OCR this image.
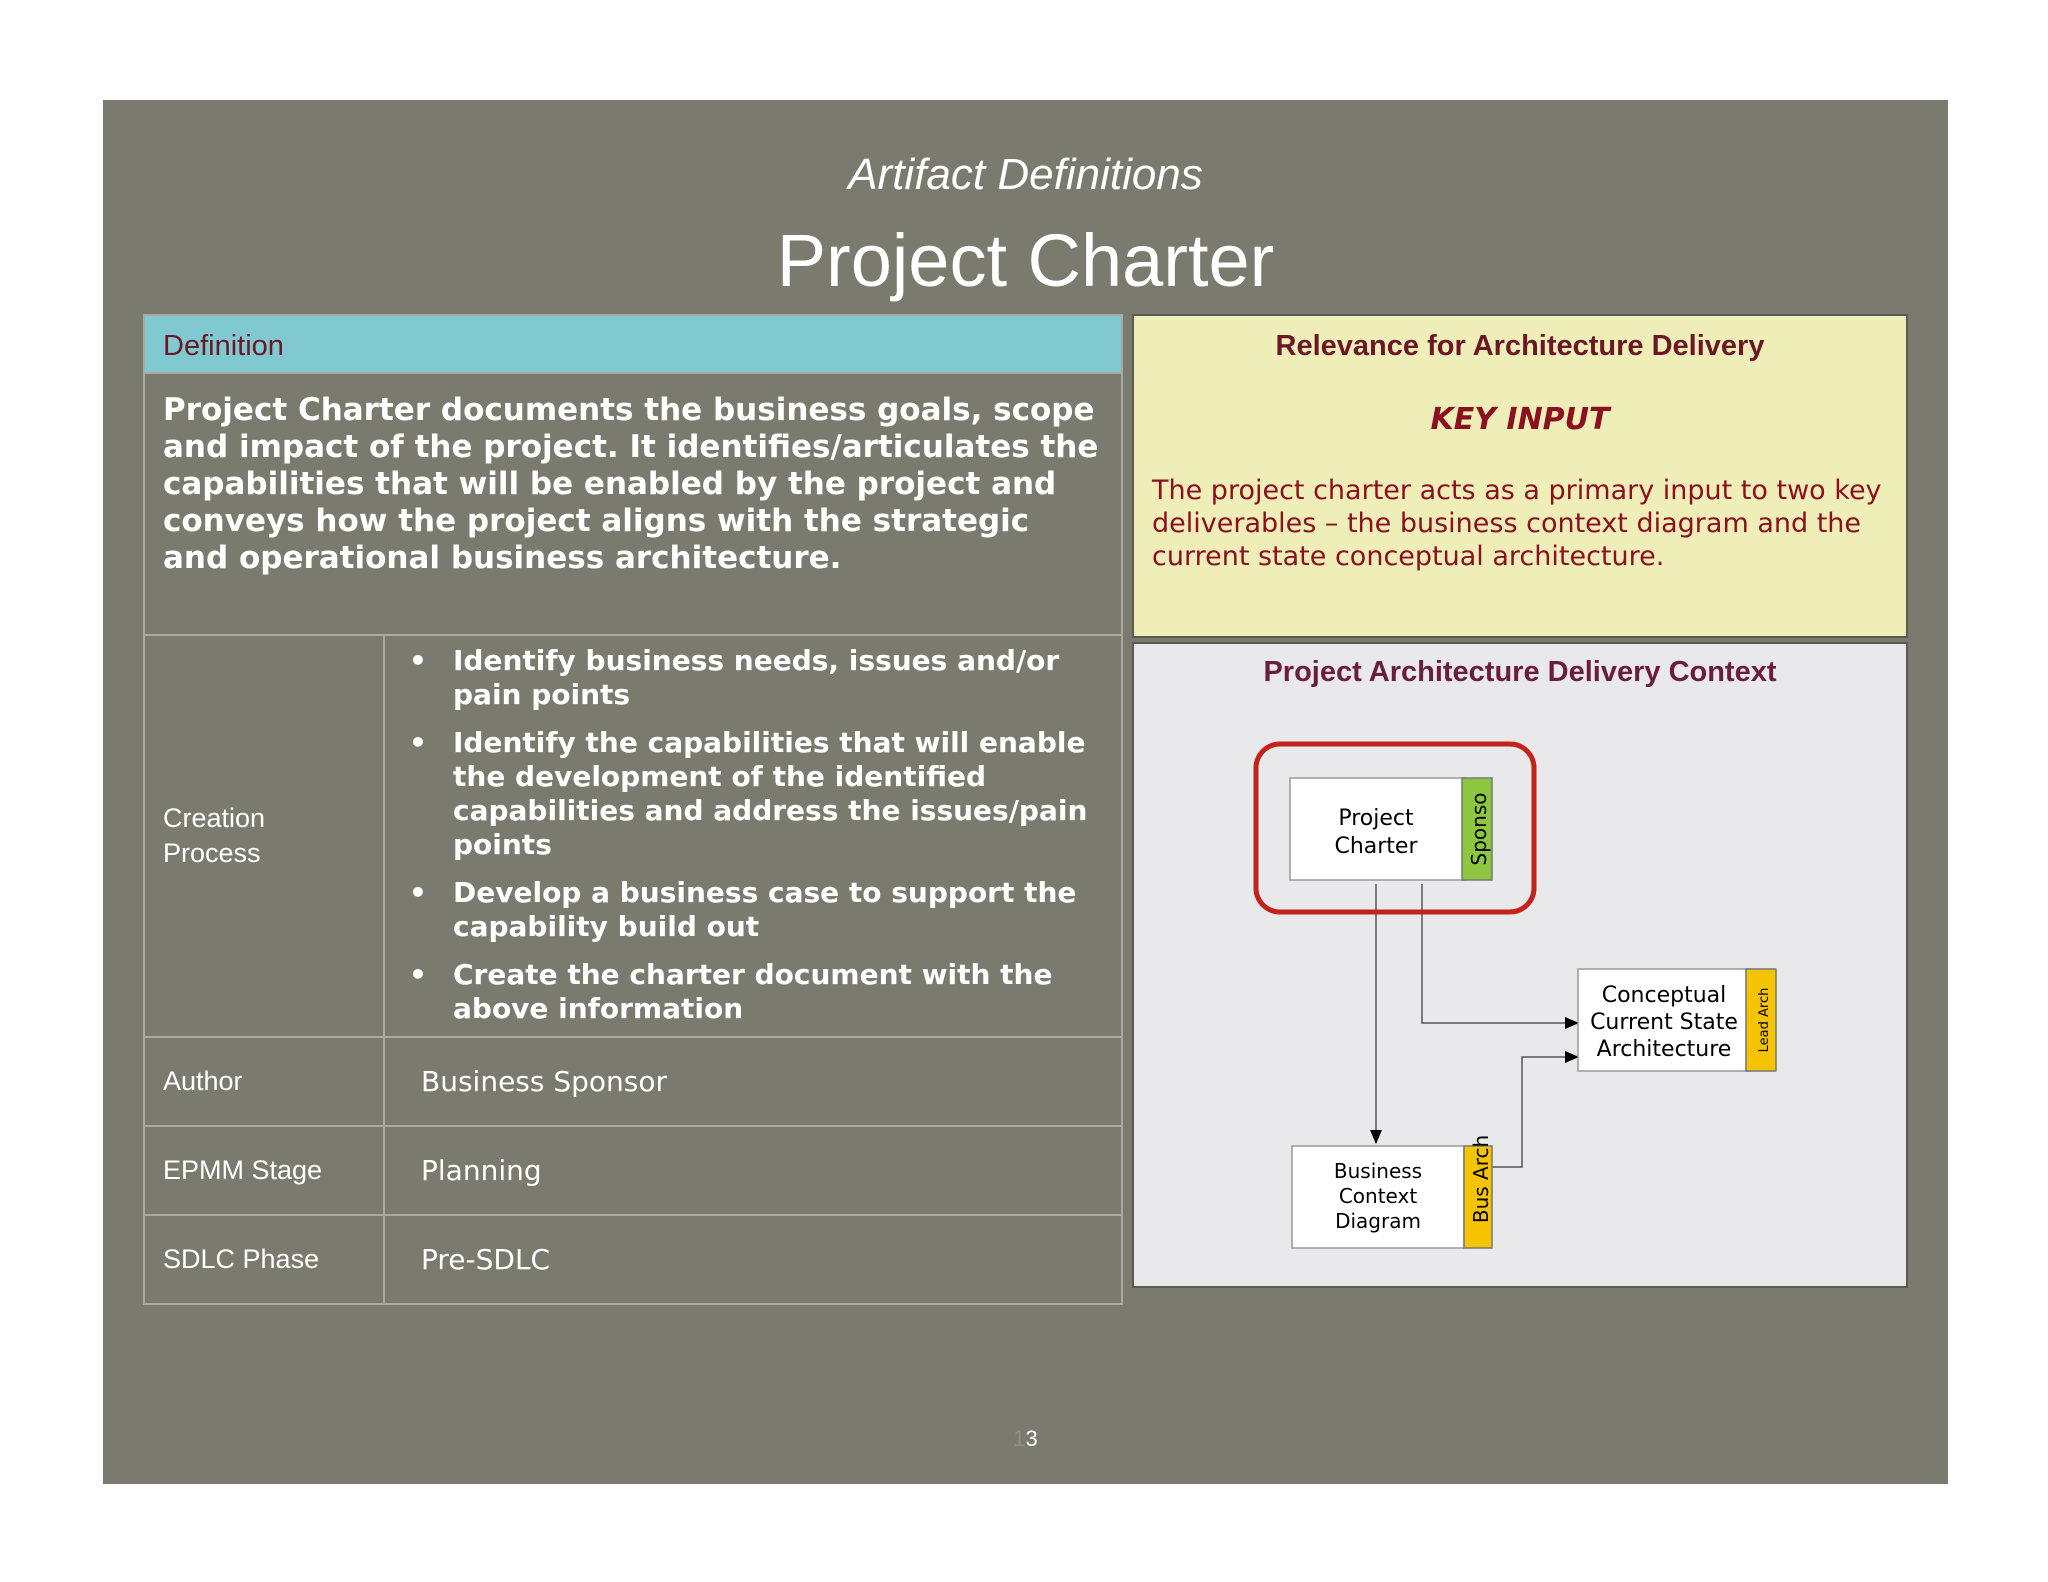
Artifact Definitions
Project Charter
Definition
Project Charter documents the business goals, scope and impact of the project. It identifies/articulates the capabilities that will be enabled by the project and conveys how the project aligns with the strategic and operational business architecture.
Creation Process
• Identify business needs, issues and/or pain points
• Identify the capabilities that will enable the development of the identified capabilities and address the issues/pain points
• Develop a business case to support the capability build out
• Create the charter document with the above information
Author	Business Sponsor
EPMM Stage	Planning
SDLC Phase	Pre-SDLC
Relevance for Architecture Delivery
KEY INPUT
The project charter acts as a primary input to two key deliverables – the business context diagram and the current state conceptual architecture.
Project Architecture Delivery Context
Project
Charter Sponso
Conceptual
Current State
Architecture Lead Arch
Business
Context
Diagram Bus Arch
13
